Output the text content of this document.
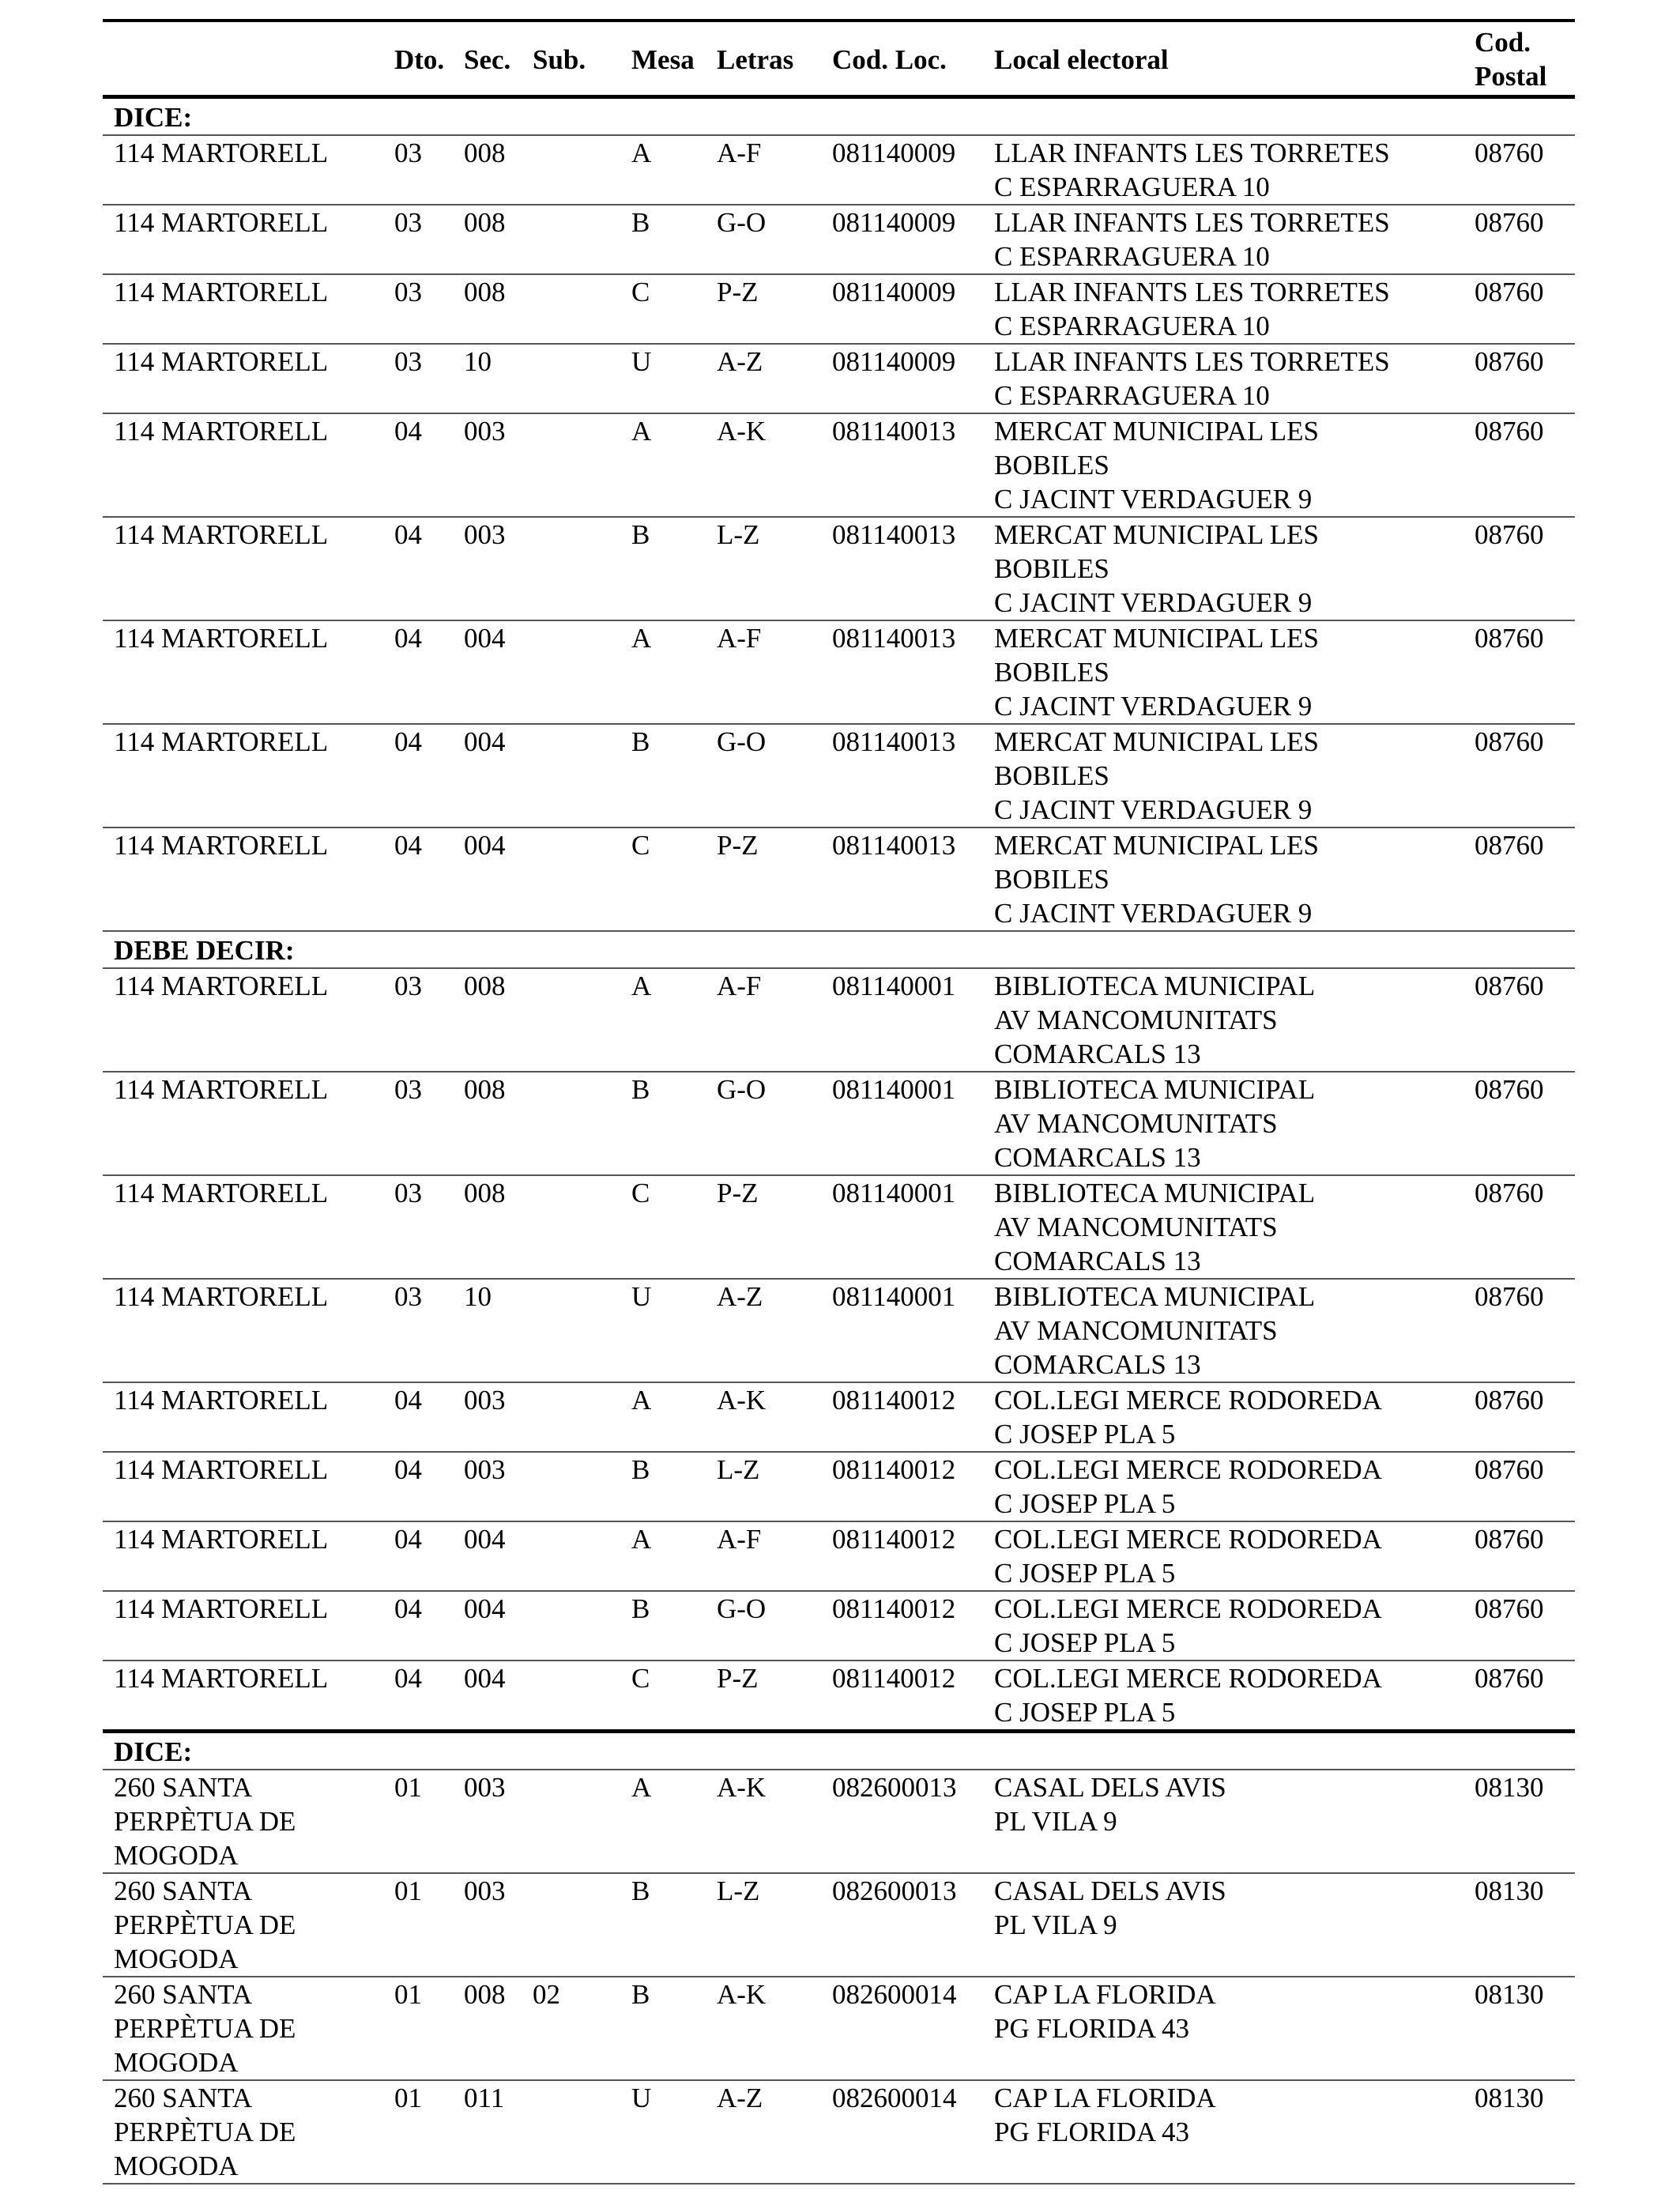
	Dto.	Sec.	Sub.	Mesa	Letras	Cod. Loc.	Local electoral	Cod.
Postal
DICE:								
114 MARTORELL	03	008		A	A-F	081140009	LLAR INFANTS LES TORRETES
C ESPARRAGUERA 10	08760
114 MARTORELL	03	008		B	G-O	081140009	LLAR INFANTS LES TORRETES
C ESPARRAGUERA 10	08760
114 MARTORELL	03	008		C	P-Z	081140009	LLAR INFANTS LES TORRETES
C ESPARRAGUERA 10	08760
114 MARTORELL	03	10		U	A-Z	081140009	LLAR INFANTS LES TORRETES
C ESPARRAGUERA 10	08760
114 MARTORELL	04	003		A	A-K	081140013	MERCAT MUNICIPAL LES
BOBILES
C JACINT VERDAGUER 9	08760
114 MARTORELL	04	003		B	L-Z	081140013	MERCAT MUNICIPAL LES
BOBILES
C JACINT VERDAGUER 9	08760
114 MARTORELL	04	004		A	A-F	081140013	MERCAT MUNICIPAL LES
BOBILES
C JACINT VERDAGUER 9	08760
114 MARTORELL	04	004		B	G-O	081140013	MERCAT MUNICIPAL LES
BOBILES
C JACINT VERDAGUER 9	08760
114 MARTORELL	04	004		C	P-Z	081140013	MERCAT MUNICIPAL LES
BOBILES
C JACINT VERDAGUER 9	08760
DEBE DECIR:								
114 MARTORELL	03	008		A	A-F	081140001	BIBLIOTECA MUNICIPAL
AV MANCOMUNITATS
COMARCALS 13	08760
114 MARTORELL	03	008		B	G-O	081140001	BIBLIOTECA MUNICIPAL
AV MANCOMUNITATS
COMARCALS 13	08760
114 MARTORELL	03	008		C	P-Z	081140001	BIBLIOTECA MUNICIPAL
AV MANCOMUNITATS
COMARCALS 13	08760
114 MARTORELL	03	10		U	A-Z	081140001	BIBLIOTECA MUNICIPAL
AV MANCOMUNITATS
COMARCALS 13	08760
114 MARTORELL	04	003		A	A-K	081140012	COL.LEGI MERCE RODOREDA
C JOSEP PLA 5	08760
114 MARTORELL	04	003		B	L-Z	081140012	COL.LEGI MERCE RODOREDA
C JOSEP PLA 5	08760
114 MARTORELL	04	004		A	A-F	081140012	COL.LEGI MERCE RODOREDA
C JOSEP PLA 5	08760
114 MARTORELL	04	004		B	G-O	081140012	COL.LEGI MERCE RODOREDA
C JOSEP PLA 5	08760
114 MARTORELL	04	004		C	P-Z	081140012	COL.LEGI MERCE RODOREDA
C JOSEP PLA 5	08760
DICE:								
260 SANTA
PERPÈTUA DE
MOGODA	01	003		A	A-K	082600013	CASAL DELS AVIS
PL VILA 9	08130
260 SANTA
PERPÈTUA DE
MOGODA	01	003		B	L-Z	082600013	CASAL DELS AVIS
PL VILA 9	08130
260 SANTA
PERPÈTUA DE
MOGODA	01	008	02	B	A-K	082600014	CAP LA FLORIDA
PG FLORIDA 43	08130
260 SANTA
PERPÈTUA DE
MOGODA	01	011		U	A-Z	082600014	CAP LA FLORIDA
PG FLORIDA 43	08130
